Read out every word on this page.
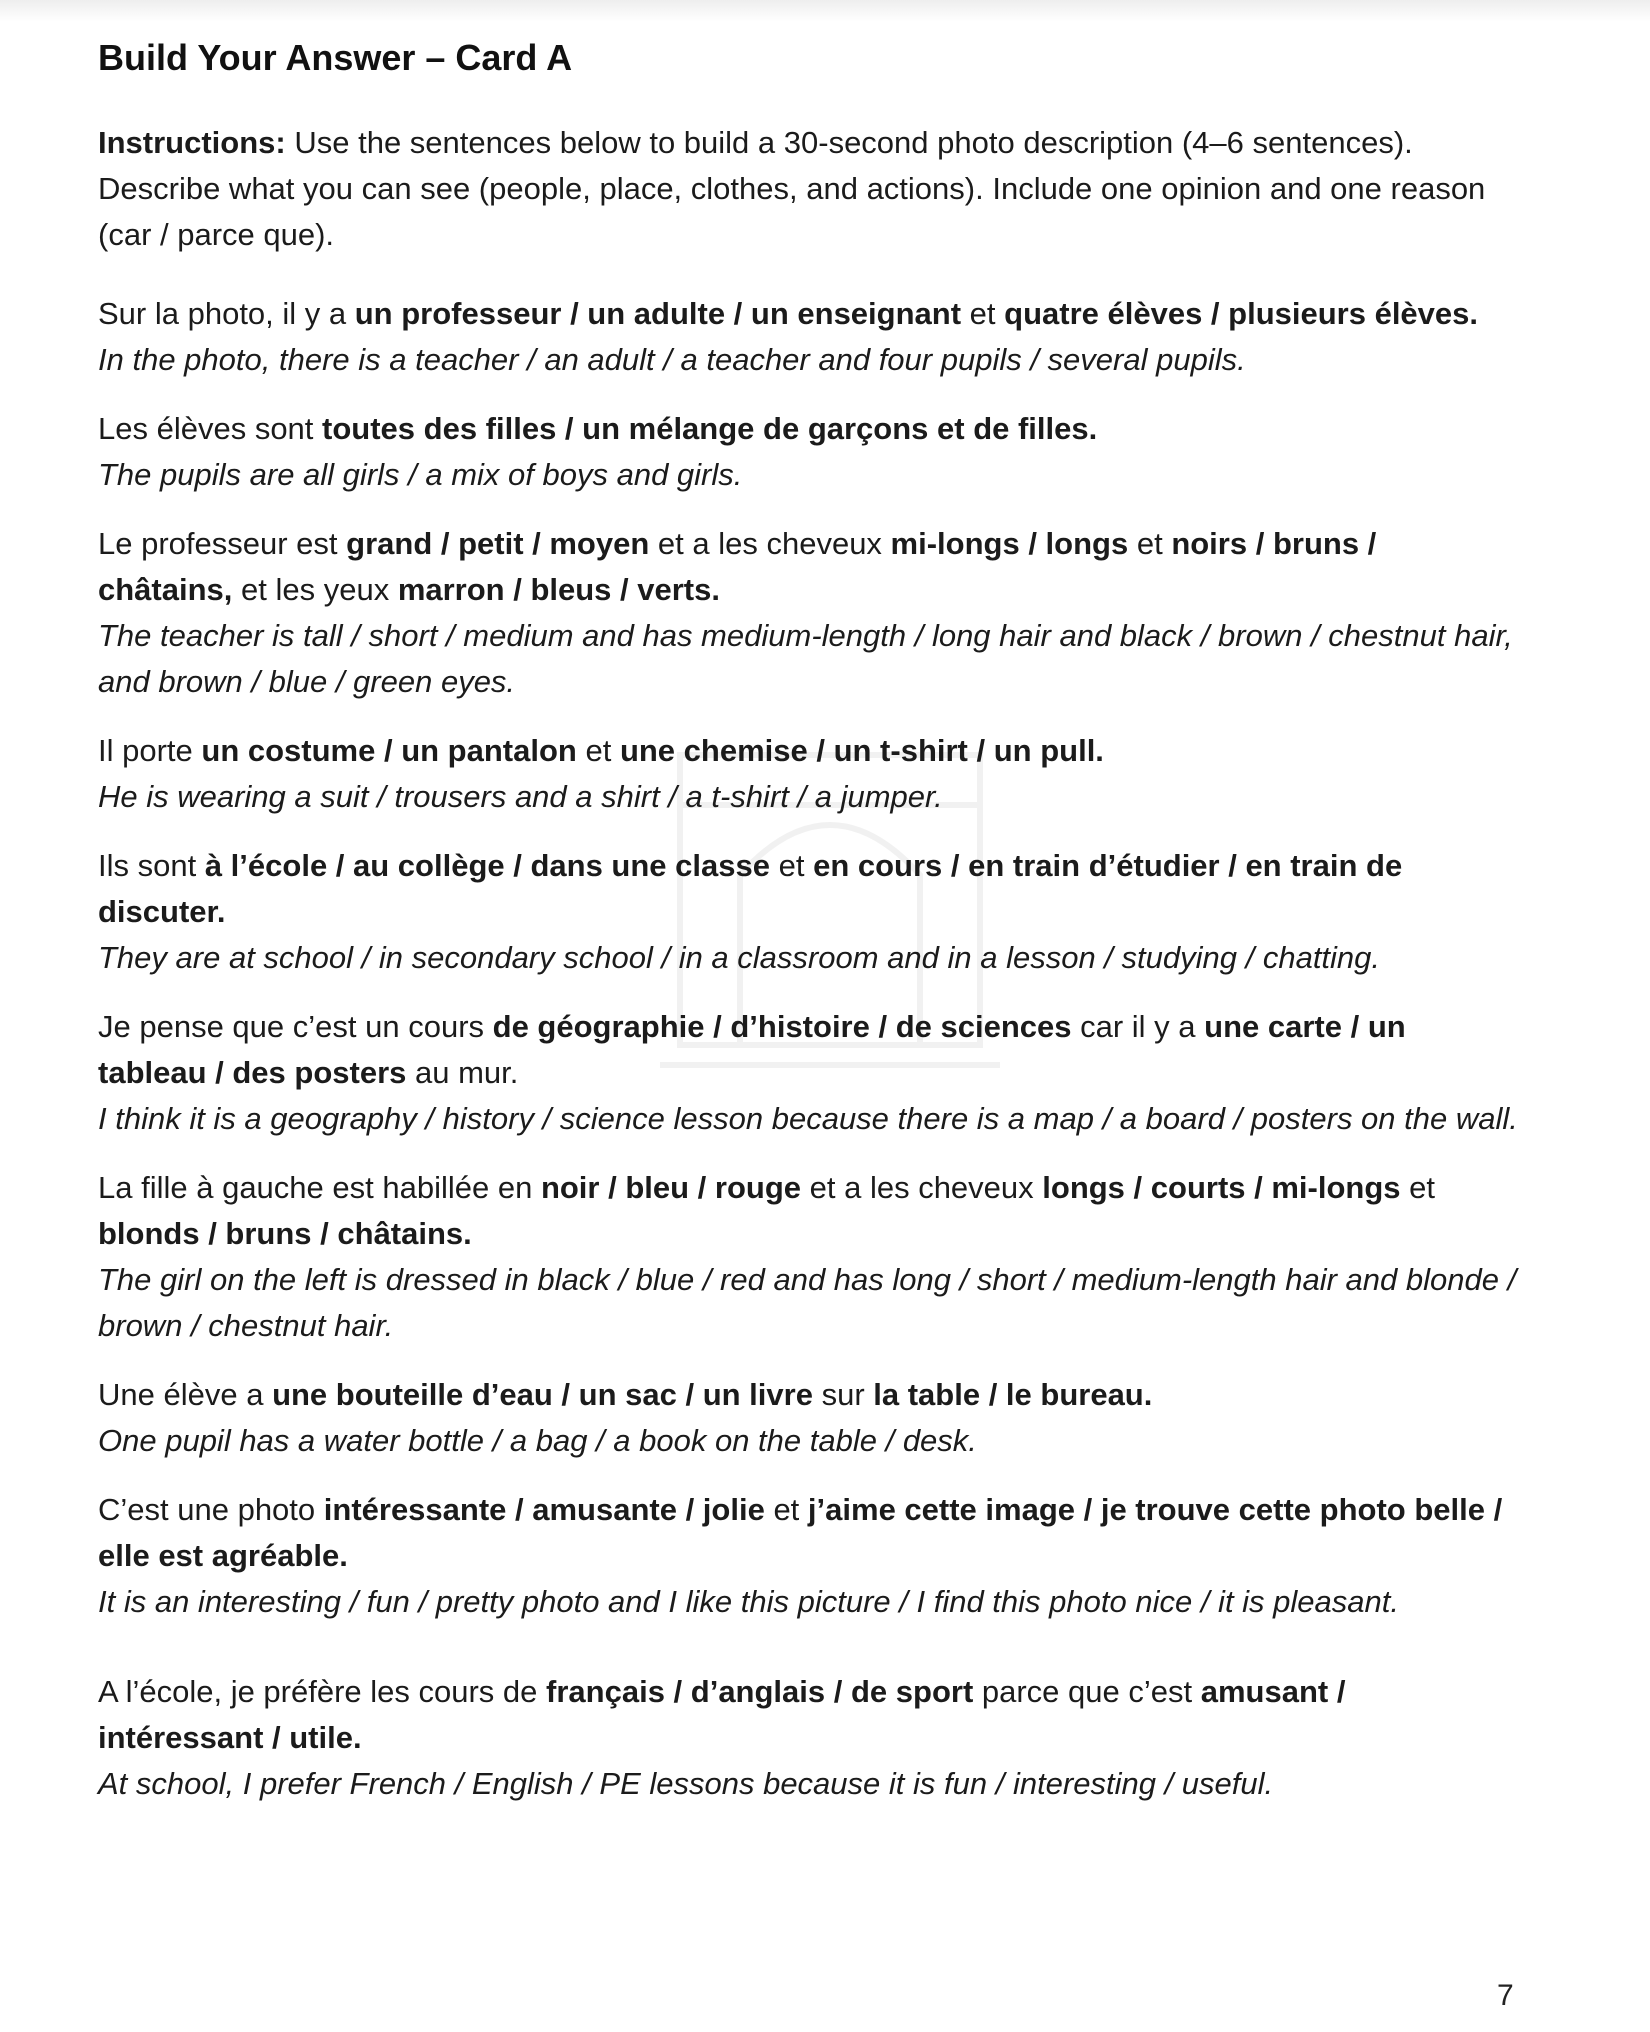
Build Your Answer – Card A

Instructions: Use the sentences below to build a 30-second photo description (4–6 sentences). Describe what you can see (people, place, clothes, and actions). Include one opinion and one reason (car / parce que).

Sur la photo, il y a un professeur / un adulte / un enseignant et quatre élèves / plusieurs élèves.

In the photo, there is a teacher / an adult / a teacher and four pupils / several pupils.

Les élèves sont toutes des filles / un mélange de garçons et de filles.

The pupils are all girls / a mix of boys and girls.

Le professeur est grand / petit / moyen et a les cheveux mi-longs / longs et noirs / bruns / châtains, et les yeux marron / bleus / verts.

The teacher is tall / short / medium and has medium-length / long hair and black / brown / chestnut hair, and brown / blue / green eyes.

Il porte un costume / un pantalon et une chemise / un t-shirt / un pull.

He is wearing a suit / trousers and a shirt / a t-shirt / a jumper.

Ils sont à l’école / au collège / dans une classe et en cours / en train d’étudier / en train de discuter.

They are at school / in secondary school / in a classroom and in a lesson / studying / chatting.

Je pense que c’est un cours de géographie / d’histoire / de sciences car il y a une carte / un tableau / des posters au mur.

I think it is a geography / history / science lesson because there is a map / a board / posters on the wall.

La fille à gauche est habillée en noir / bleu / rouge et a les cheveux longs / courts / mi-longs et blonds / bruns / châtains.

The girl on the left is dressed in black / blue / red and has long / short / medium-length hair and blonde / brown / chestnut hair.

Une élève a une bouteille d’eau / un sac / un livre sur la table / le bureau.

One pupil has a water bottle / a bag / a book on the table / desk.

C’est une photo intéressante / amusante / jolie et j’aime cette image / je trouve cette photo belle / elle est agréable.

It is an interesting / fun / pretty photo and I like this picture / I find this photo nice / it is pleasant.

A l’école, je préfère les cours de français / d’anglais / de sport parce que c’est amusant / intéressant / utile.

At school, I prefer French / English / PE lessons because it is fun / interesting / useful.

7
